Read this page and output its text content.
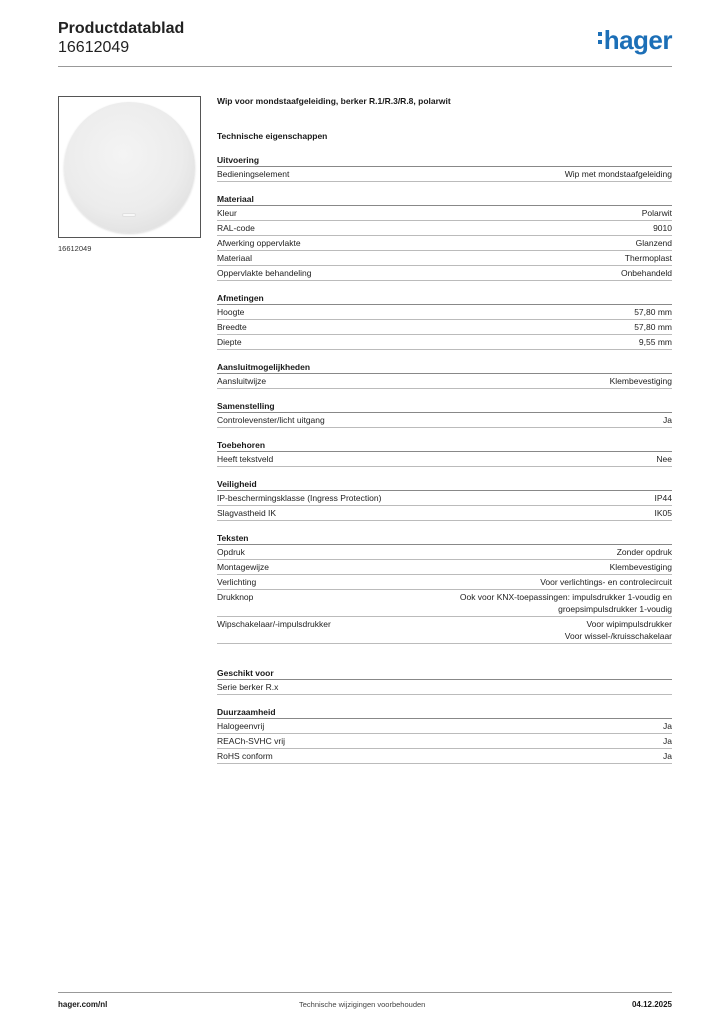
Productdatablad
16612049	hager
16612049
Wip voor mondstaafgeleiding, berker R.1/R.3/R.8, polarwit
Technische eigenschappen
Uitvoering
Bedieningselement	Wip met mondstaafgeleiding
Materiaal
Kleur	Polarwit
RAL-code	9010
Afwerking oppervlakte	Glanzend
Materiaal	Thermoplast
Oppervlakte behandeling	Onbehandeld
Afmetingen
Hoogte	57,80 mm
Breedte	57,80 mm
Diepte	9,55 mm
Aansluitmogelijkheden
Aansluitwijze	Klembevestiging
Samenstelling
Controlevenster/licht uitgang	Ja
Toebehoren
Heeft tekstveld	Nee
Veiligheid
IP-beschermingsklasse (Ingress Protection)	IP44
Slagvastheid IK	IK05
Teksten
Opdruk	Zonder opdruk
Montagewijze	Klembevestiging
Verlichting	Voor verlichtings- en controlecircuit
Drukknop	Ook voor KNX-toepassingen: impulsdrukker 1-voudig en
groepsimpulsdrukker 1-voudig
Wipschakelaar/-impulsdrukker	Voor wipimpulsdrukker
Voor wissel-/kruisschakelaar
Geschikt voor
Serie berker R.x
Duurzaamheid
Halogeenvrij	Ja
REACh-SVHC vrij	Ja
RoHS conform	Ja
hager.com/nl	Technische wijzigingen voorbehouden	04.12.2025
